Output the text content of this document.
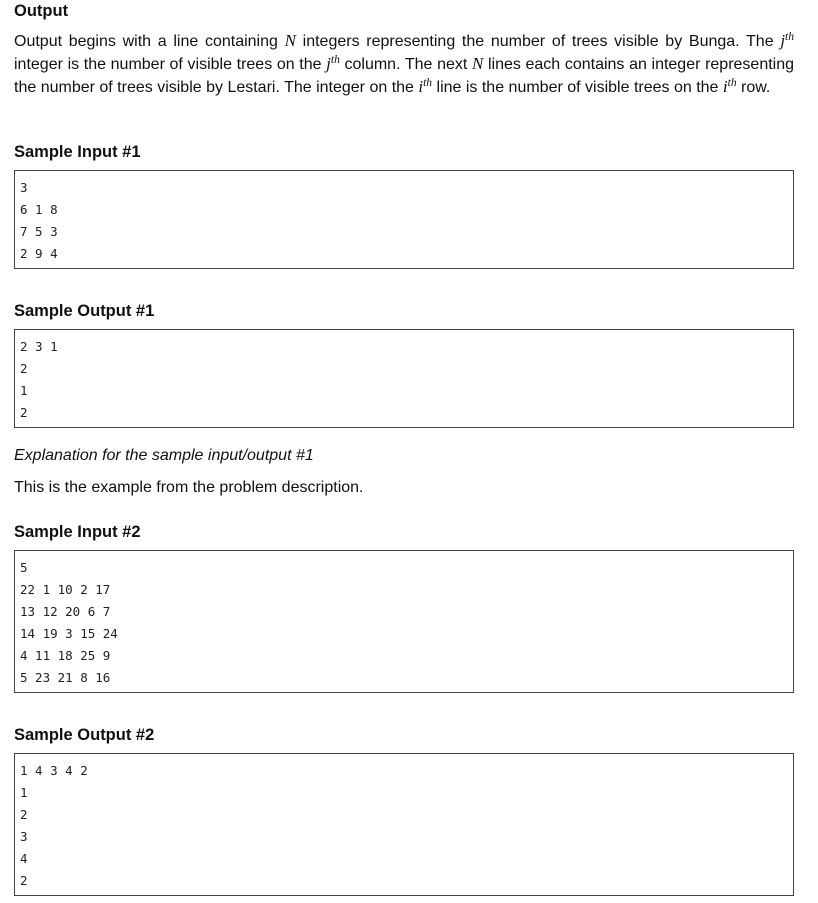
Output

Output begins with a line containing N integers representing the number of trees visible by Bunga. The $j^{th}$ integer is the number of visible trees on the $j^{th}$ column. The next N lines each contains an integer representing the number of trees visible by Lestari. The integer on the $i^{th}$ line is the number of visible trees on the $i^{th}$ row.

Sample Input #1
3
6 1 8
7 5 3
2 9 4
Sample Output #1
2 3 1
2
1
2

Explanation for the sample input/output #1

This is the example from the problem description.

Sample Input #2
5
22 1 10 2 17
13 12 20 6 7
14 19 3 15 24
4 11 18 25 9
5 23 21 8 16
Sample Output #2
1 4 3 4 2
1
2
3
4
2
